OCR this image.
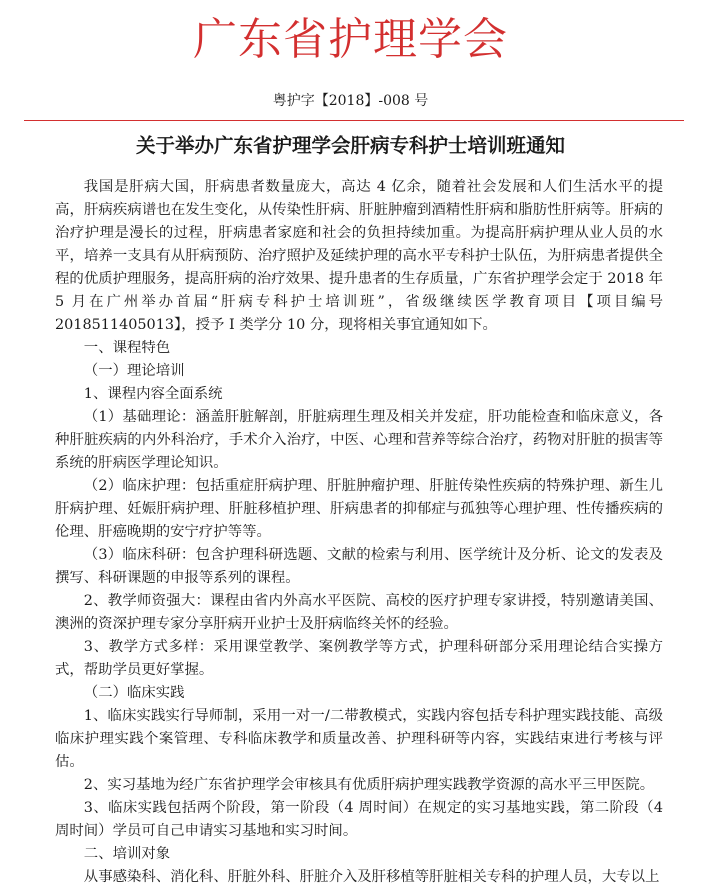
广东省护理学会
粤护字【2018】-008 号
关于举办广东省护理学会肝病专科护士培训班通知

我国是肝病大国，肝病患者数量庞大，高达 4 亿余，随着社会发展和人们生活水平的提高，肝病疾病谱也在发生变化，从传染性肝病、肝脏肿瘤到酒精性肝病和脂肪性肝病等。肝病的治疗护理是漫长的过程，肝病患者家庭和社会的负担持续加重。为提高肝病护理从业人员的水平，培养一支具有从肝病预防、治疗照护及延续护理的高水平专科护士队伍，为肝病患者提供全程的优质护理服务，提高肝病的治疗效果、提升患者的生存质量，广东省护理学会定于 2018 年 5 月在广州举办首届“肝病专科护士培训班”，省级继续医学教育项目【项目编号 2018511405013】，授予 I 类学分 10 分，现将相关事宜通知如下。

一、课程特色

（一）理论培训

1、课程内容全面系统

（1）基础理论：涵盖肝脏解剖，肝脏病理生理及相关并发症，肝功能检查和临床意义，各种肝脏疾病的内外科治疗，手术介入治疗，中医、心理和营养等综合治疗，药物对肝脏的损害等系统的肝病医学理论知识。

（2）临床护理：包括重症肝病护理、肝脏肿瘤护理、肝脏传染性疾病的特殊护理、新生儿肝病护理、妊娠肝病护理、肝脏移植护理、肝病患者的抑郁症与孤独等心理护理、性传播疾病的伦理、肝癌晚期的安宁疗护等等。

（3）临床科研：包含护理科研选题、文献的检索与利用、医学统计及分析、论文的发表及撰写、科研课题的申报等系列的课程。

2、教学师资强大：课程由省内外高水平医院、高校的医疗护理专家讲授，特别邀请美国、澳洲的资深护理专家分享肝病开业护士及肝病临终关怀的经验。

3、教学方式多样：采用课堂教学、案例教学等方式，护理科研部分采用理论结合实操方式，帮助学员更好掌握。

（二）临床实践

1、临床实践实行导师制，采用一对一/二带教模式，实践内容包括专科护理实践技能、高级临床护理实践个案管理、专科临床教学和质量改善、护理科研等内容，实践结束进行考核与评估。

2、实习基地为经广东省护理学会审核具有优质肝病护理实践教学资源的高水平三甲医院。

3、临床实践包括两个阶段，第一阶段（4 周时间）在规定的实习基地实践，第二阶段（4 周时间）学员可自己申请实习基地和实习时间。

二、培训对象

从事感染科、消化科、肝脏外科、肝脏介入及肝移植等肝脏相关专科的护理人员，大专以上
